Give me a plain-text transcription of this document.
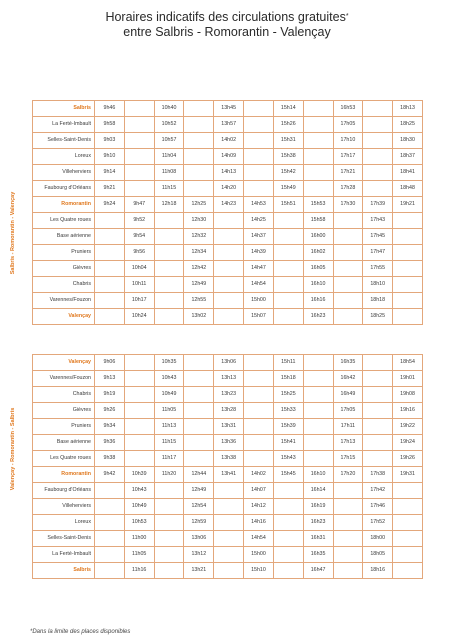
Horaires indicatifs des circulations gratuites*
entre Salbris - Romorantin - Valençay
Salbris - Romorantin - Valençay
Salbris	9h46		10h40		13h45		15h14		16h53		18h13
La Ferté-Imbault	9h58		10h52		13h57		15h26		17h05		18h25
Selles-Saint-Denis	9h03		10h57		14h02		15h31		17h10		18h30
Loreux	9h10		11h04		14h09		15h38		17h17		18h37
Villeherviers	9h14		11h08		14h13		15h42		17h21		18h41
Faubourg d'Orléans	9h21		11h15		14h20		15h49		17h28		18h48
Romorantin	9h24	9h47	12h18	12h25	14h23	14h53	15h51	15h53	17h30	17h39	19h21
Les Quatre roues		9h52		12h30		14h25		15h58		17h43	
Base aérienne		9h54		12h32		14h37		16h00		17h45	
Pruniers		9h56		12h34		14h39		16h02		17h47	
Gièvres		10h04		12h42		14h47		16h05		17h55	
Chabris		10h11		12h49		14h54		16h10		18h10	
Varennes/Fouzon		10h17		12h55		15h00		16h16		18h18	
Valençay		10h24		13h02		15h07		16h23		18h25	
Valençay - Romorantin - Salbris
Valençay	9h06		10h35		13h06		15h11		16h35		18h54
Varennes/Fouzon	9h13		10h43		13h13		15h18		16h42		19h01
Chabris	9h19		10h49		13h23		15h25		16h49		19h08
Gièvres	9h26		11h05		13h28		15h33		17h05		19h16
Pruniers	9h34		11h13		13h31		15h39		17h11		19h22
Base aérienne	9h36		11h15		13h36		15h41		17h13		19h24
Les Quatre roues	9h38		11h17		13h38		15h43		17h15		19h26
Romorantin	9h42	10h39	11h20	12h44	13h41	14h02	15h45	16h10	17h20	17h38	19h31
Faubourg d'Orléans		10h43		12h49		14h07		16h14		17h42	
Villeherviers		10h49		12h54		14h12		16h19		17h46	
Loreux		10h53		12h59		14h16		16h23		17h52	
Selles-Saint-Denis		11h00		13h06		14h54		16h31		18h00	
La Ferté-Imbault		11h05		13h12		15h00		16h35		18h05	
Salbris		11h16		13h21		15h10		16h47		18h16	
*Dans la limite des places disponibles
